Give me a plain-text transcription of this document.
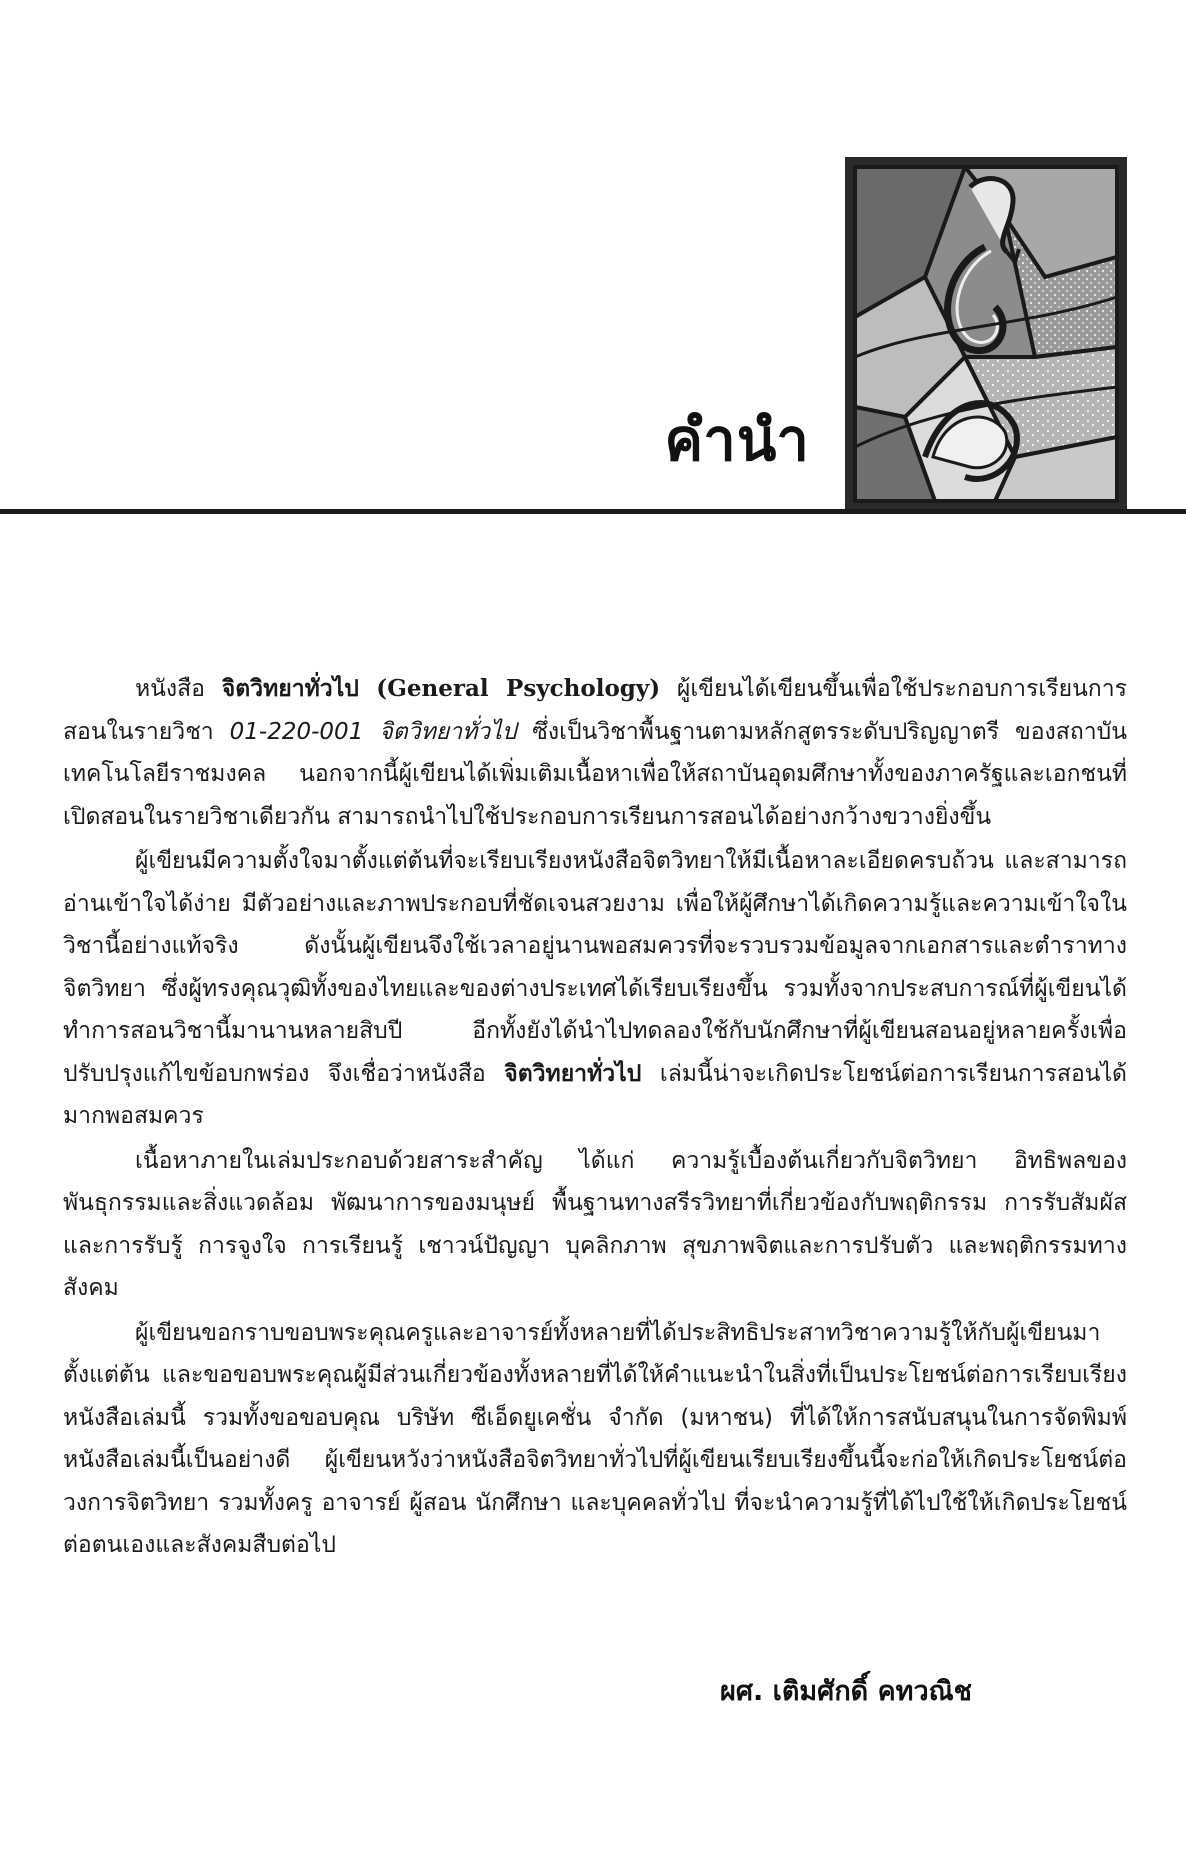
คำนำ

หนังสือ จิตวิทยาทั่วไป (General Psychology) ผู้เขียนได้เขียนขึ้นเพื่อใช้ประกอบการเรียนการสอนในรายวิชา 01-220-001 จิตวิทยาทั่วไป ซึ่งเป็นวิชาพื้นฐานตามหลักสูตรระดับปริญญาตรี ของสถาบันเทคโนโลยีราชมงคล นอกจากนี้ผู้เขียนได้เพิ่มเติมเนื้อหาเพื่อให้สถาบันอุดมศึกษาทั้งของภาครัฐและเอกชนที่เปิดสอนในรายวิชาเดียวกัน สามารถนำไปใช้ประกอบการเรียนการสอนได้อย่างกว้างขวางยิ่งขึ้น

ผู้เขียนมีความตั้งใจมาตั้งแต่ต้นที่จะเรียบเรียงหนังสือจิตวิทยาให้มีเนื้อหาละเอียดครบถ้วน และสามารถอ่านเข้าใจได้ง่าย มีตัวอย่างและภาพประกอบที่ชัดเจนสวยงาม เพื่อให้ผู้ศึกษาได้เกิดความรู้และความเข้าใจในวิชานี้อย่างแท้จริง ดังนั้นผู้เขียนจึงใช้เวลาอยู่นานพอสมควรที่จะรวบรวมข้อมูลจากเอกสารและตำราทางจิตวิทยา ซึ่งผู้ทรงคุณวุฒิทั้งของไทยและของต่างประเทศได้เรียบเรียงขึ้น รวมทั้งจากประสบการณ์ที่ผู้เขียนได้ทำการสอนวิชานี้มานานหลายสิบปี อีกทั้งยังได้นำไปทดลองใช้กับนักศึกษาที่ผู้เขียนสอนอยู่หลายครั้งเพื่อปรับปรุงแก้ไขข้อบกพร่อง จึงเชื่อว่าหนังสือ จิตวิทยาทั่วไป เล่มนี้น่าจะเกิดประโยชน์ต่อการเรียนการสอนได้มากพอสมควร

เนื้อหาภายในเล่มประกอบด้วยสาระสำคัญ ได้แก่ ความรู้เบื้องต้นเกี่ยวกับจิตวิทยา อิทธิพลของพันธุกรรมและสิ่งแวดล้อม พัฒนาการของมนุษย์ พื้นฐานทางสรีรวิทยาที่เกี่ยวข้องกับพฤติกรรม การรับสัมผัสและการรับรู้ การจูงใจ การเรียนรู้ เชาวน์ปัญญา บุคลิกภาพ สุขภาพจิตและการปรับตัว และพฤติกรรมทางสังคม

ผู้เขียนขอกราบขอบพระคุณครูและอาจารย์ทั้งหลายที่ได้ประสิทธิประสาทวิชาความรู้ให้กับผู้เขียนมาตั้งแต่ต้น และขอขอบพระคุณผู้มีส่วนเกี่ยวข้องทั้งหลายที่ได้ให้คำแนะนำในสิ่งที่เป็นประโยชน์ต่อการเรียบเรียงหนังสือเล่มนี้ รวมทั้งขอขอบคุณ บริษัท ซีเอ็ดยูเคชั่น จำกัด (มหาชน) ที่ได้ให้การสนับสนุนในการจัดพิมพ์หนังสือเล่มนี้เป็นอย่างดี ผู้เขียนหวังว่าหนังสือจิตวิทยาทั่วไปที่ผู้เขียนเรียบเรียงขึ้นนี้จะก่อให้เกิดประโยชน์ต่อวงการจิตวิทยา รวมทั้งครู อาจารย์ ผู้สอน นักศึกษา และบุคคลทั่วไป ที่จะนำความรู้ที่ได้ไปใช้ให้เกิดประโยชน์ต่อตนเองและสังคมสืบต่อไป

ผศ. เติมศักดิ์ คทวณิช
